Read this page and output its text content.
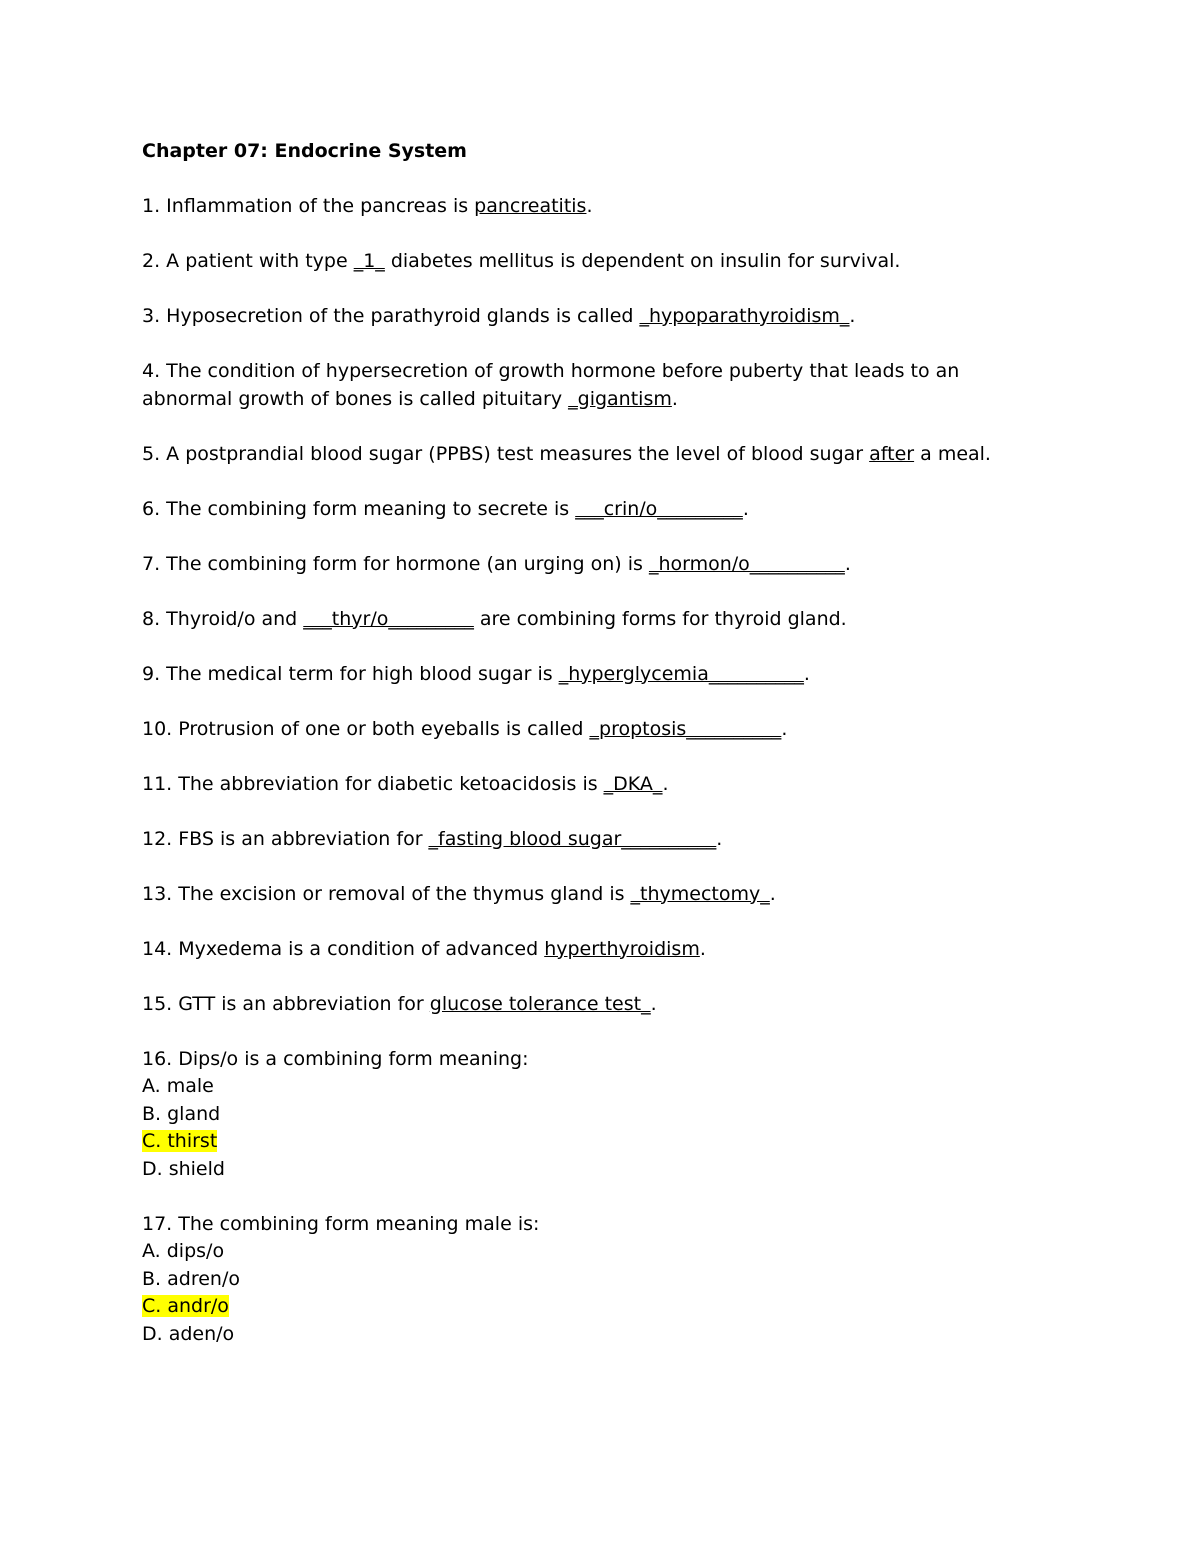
Chapter 07: Endocrine System
1. Inflammation of the pancreas is pancreatitis.
2. A patient with type _1_ diabetes mellitus is dependent on insulin for survival.
3. Hyposecretion of the parathyroid glands is called _hypoparathyroidism_.
4. The condition of hypersecretion of growth hormone before puberty that leads to an
abnormal growth of bones is called pituitary _gigantism.
5. A postprandial blood sugar (PPBS) test measures the level of blood sugar after a meal.
6. The combining form meaning to secrete is ___crin/o_________.
7. The combining form for hormone (an urging on) is _hormon/o__________.
8. Thyroid/o and ___thyr/o_________ are combining forms for thyroid gland.
9. The medical term for high blood sugar is _hyperglycemia__________.
10. Protrusion of one or both eyeballs is called _proptosis__________.
11. The abbreviation for diabetic ketoacidosis is _DKA_.
12. FBS is an abbreviation for _fasting blood sugar__________.
13. The excision or removal of the thymus gland is _thymectomy_.
14. Myxedema is a condition of advanced hyperthyroidism.
15. GTT is an abbreviation for glucose tolerance test_.
16. Dips/o is a combining form meaning:
A. male
B. gland
C. thirst
D. shield
17. The combining form meaning male is:
A. dips/o
B. adren/o
C. andr/o
D. aden/o
